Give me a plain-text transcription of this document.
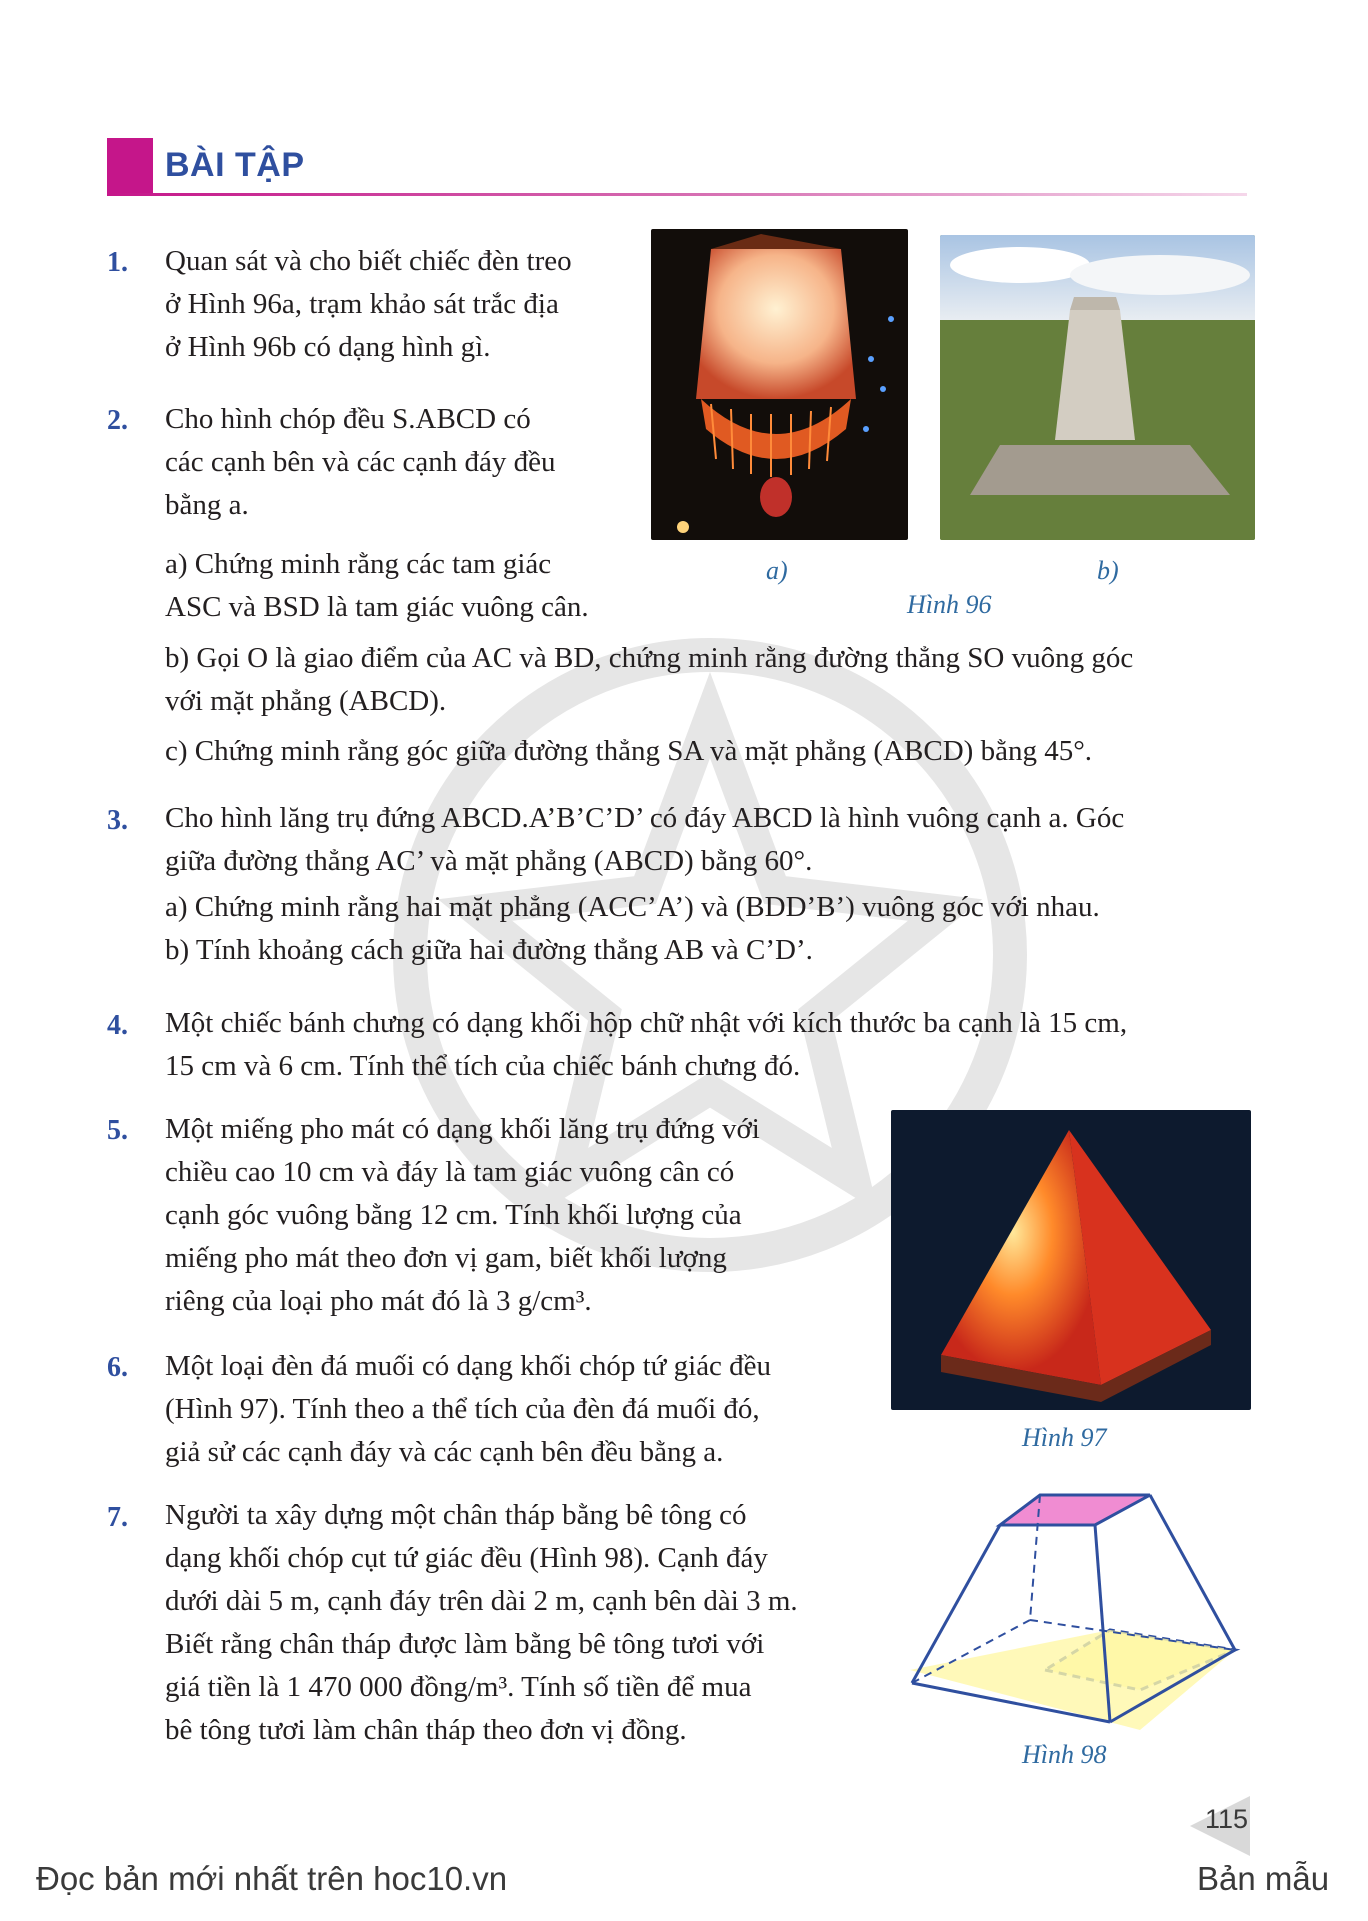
BÀI TẬP
1. Quan sát và cho biết chiếc đèn treo
ở Hình 96a, trạm khảo sát trắc địa
ở Hình 96b có dạng hình gì.
2. Cho hình chóp đều S.ABCD có
các cạnh bên và các cạnh đáy đều
bằng a.
a) Chứng minh rằng các tam giác
ASC và BSD là tam giác vuông cân.
b) Gọi O là giao điểm của AC và BD, chứng minh rằng đường thẳng SO vuông góc
với mặt phẳng (ABCD).
c) Chứng minh rằng góc giữa đường thẳng SA và mặt phẳng (ABCD) bằng 45°.
a)	b)
Hình 96
3. Cho hình lăng trụ đứng ABCD.A’B’C’D’ có đáy ABCD là hình vuông cạnh a. Góc
giữa đường thẳng AC’ và mặt phẳng (ABCD) bằng 60°.
a) Chứng minh rằng hai mặt phẳng (ACC’A’) và (BDD’B’) vuông góc với nhau.
b) Tính khoảng cách giữa hai đường thẳng AB và C’D’.
4. Một chiếc bánh chưng có dạng khối hộp chữ nhật với kích thước ba cạnh là 15 cm,
15 cm và 6 cm. Tính thể tích của chiếc bánh chưng đó.
5. Một miếng pho mát có dạng khối lăng trụ đứng với
chiều cao 10 cm và đáy là tam giác vuông cân có
cạnh góc vuông bằng 12 cm. Tính khối lượng của
miếng pho mát theo đơn vị gam, biết khối lượng
riêng của loại pho mát đó là 3 g/cm³.
Hình 97
6. Một loại đèn đá muối có dạng khối chóp tứ giác đều
(Hình 97). Tính theo a thể tích của đèn đá muối đó,
giả sử các cạnh đáy và các cạnh bên đều bằng a.
7. Người ta xây dựng một chân tháp bằng bê tông có
dạng khối chóp cụt tứ giác đều (Hình 98). Cạnh đáy
dưới dài 5 m, cạnh đáy trên dài 2 m, cạnh bên dài 3 m.
Biết rằng chân tháp được làm bằng bê tông tươi với
giá tiền là 1 470 000 đồng/m³. Tính số tiền để mua
bê tông tươi làm chân tháp theo đơn vị đồng.
Hình 98
115
Đọc bản mới nhất trên hoc10.vn	Bản mẫu
